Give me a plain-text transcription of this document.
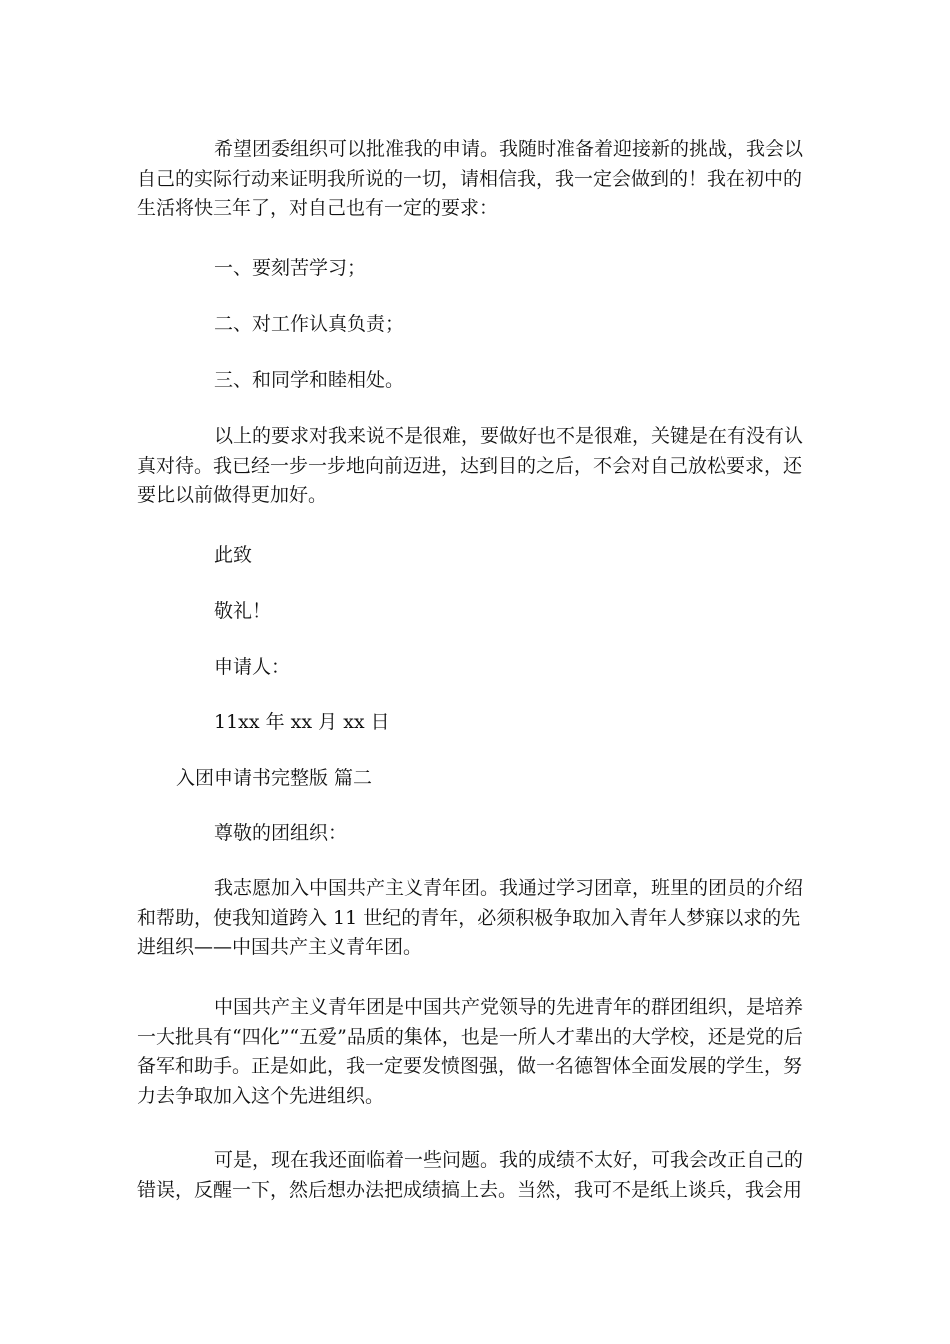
希望团委组织可以批准我的申请。我随时准备着迎接新的挑战，我会以自己的实际行动来证明我所说的一切，请相信我，我一定会做到的！我在初中的生活将快三年了，对自己也有一定的要求：

一、要刻苦学习；

二、对工作认真负责；

三、和同学和睦相处。

以上的要求对我来说不是很难，要做好也不是很难，关键是在有没有认真对待。我已经一步一步地向前迈进，达到目的之后，不会对自己放松要求，还要比以前做得更加好。

此致

敬礼！

申请人：

11xx 年 xx 月 xx 日

入团申请书完整版 篇二

尊敬的团组织：

我志愿加入中国共产主义青年团。我通过学习团章，班里的团员的介绍和帮助，使我知道跨入 11 世纪的青年，必须积极争取加入青年人梦寐以求的先进组织——中国共产主义青年团。

中国共产主义青年团是中国共产党领导的先进青年的群团组织，是培养一大批具有“四化”“五爱”品质的集体，也是一所人才辈出的大学校，还是党的后备军和助手。正是如此，我一定要发愤图强，做一名德智体全面发展的学生，努力去争取加入这个先进组织。

可是，现在我还面临着一些问题。我的成绩不太好，可我会改正自己的错误，反醒一下，然后想办法把成绩搞上去。当然，我可不是纸上谈兵，我会用
